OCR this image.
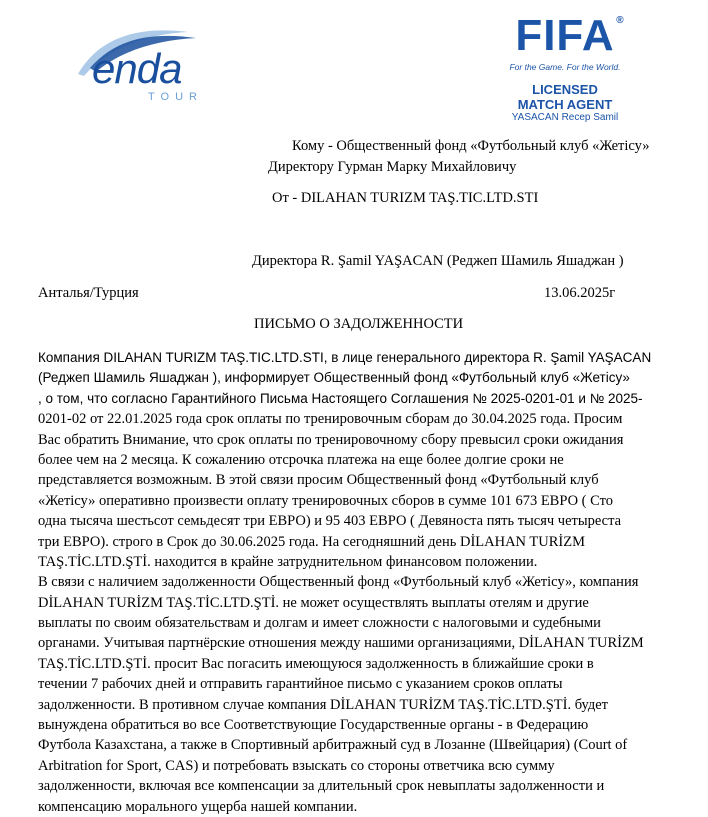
enda
TOUR
FIFA ®
For the Game. For the World.
LICENSED
MATCH AGENT
YASACAN Recep Samil
Кому - Общественный фонд «Футбольный клуб «Жетісу»
Директору Гурман Марку Михайловичу
От - DILAHAN TURIZM TAŞ.TIC.LTD.STI
Директора R. Şamil YAŞACAN (Реджеп Шамиль Яшаджан )
Анталья/Турция	13.06.2025г
ПИСЬМО О ЗАДОЛЖЕННОСТИ
Компания DILAHAN TURIZM TAŞ.TIC.LTD.STI, в лице генерального директора R. Şamil YAŞACAN
(Реджеп Шамиль Яшаджан ), информирует Общественный фонд «Футбольный клуб «Жетісу»
, о том, что согласно Гарантийного Письма Настоящего Соглашения № 2025-0201-01 и № 2025-
0201-02 от 22.01.2025 года срок оплаты по тренировочным сборам до 30.04.2025 года. Просим
Вас обратить Внимание, что срок оплаты по тренировочному сбору превысил сроки ожидания
более чем на 2 месяца. К сожалению отсрочка платежа на еще более долгие сроки не
представляется возможным. В этой связи просим Общественный фонд «Футбольный клуб
«Жетісу» оперативно произвести оплату тренировочных сборов в сумме 101 673 ЕВРО ( Сто
одна тысяча шестьсот семьдесят три ЕВРО) и 95 403 ЕВРО ( Девяноста пять тысяч четыреста
три ЕВРО). строго в Срок до 30.06.2025 года. На сегодняшний день DİLAHAN TURİZM
TAŞ.TİC.LTD.ŞTİ. находится в крайне затруднительном финансовом положении.
В связи с наличием задолженности Общественный фонд «Футбольный клуб «Жетісу», компания
DİLAHAN TURİZM TAŞ.TİC.LTD.ŞTİ. не может осуществлять выплаты отелям и другие
выплаты по своим обязательствам и долгам и имеет сложности с налоговыми и судебными
органами. Учитывая партнёрские отношения между нашими организациями, DİLAHAN TURİZM
TAŞ.TİC.LTD.ŞTİ. просит Вас погасить имеющуюся задолженность в ближайшие сроки в
течении 7 рабочих дней и отправить гарантийное письмо с указанием сроков оплаты
задолженности. В противном случае компания DİLAHAN TURİZM TAŞ.TİC.LTD.ŞTİ. будет
вынуждена обратиться во все Соответствующие Государственные органы - в Федерацию
Футбола Казахстана, а также в Спортивный арбитражный суд в Лозанне (Швейцария) (Court of
Arbitration for Sport, CAS) и потребовать взыскать со стороны ответчика всю сумму
задолженности, включая все компенсации за длительный срок невыплаты задолженности и
компенсацию морального ущерба нашей компании.
